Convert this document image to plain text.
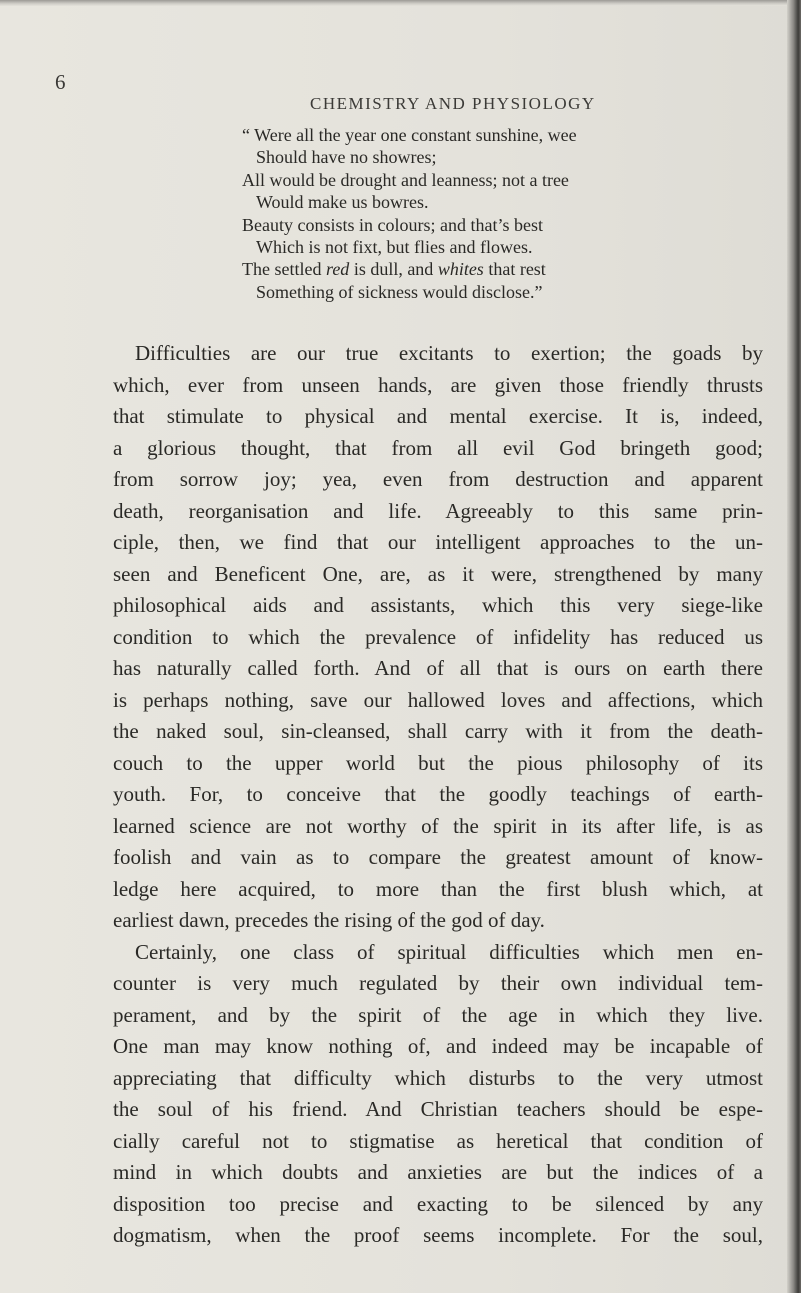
6
CHEMISTRY AND PHYSIOLOGY
“ Were all the year one constant sunshine, wee
Should have no showres;
All would be drought and leanness; not a tree
Would make us bowres.
Beauty consists in colours; and that’s best
Which is not fixt, but flies and flowes.
The settled red is dull, and whites that rest
Something of sickness would disclose.”
Difficulties are our true excitants to exertion; the goads by
which, ever from unseen hands, are given those friendly thrusts
that stimulate to physical and mental exercise. It is, indeed,
a glorious thought, that from all evil God bringeth good;
from sorrow joy; yea, even from destruction and apparent
death, reorganisation and life. Agreeably to this same prin-
ciple, then, we find that our intelligent approaches to the un-
seen and Beneficent One, are, as it were, strengthened by many
philosophical aids and assistants, which this very siege-like
condition to which the prevalence of infidelity has reduced us
has naturally called forth. And of all that is ours on earth there
is perhaps nothing, save our hallowed loves and affections, which
the naked soul, sin-cleansed, shall carry with it from the death-
couch to the upper world but the pious philosophy of its
youth. For, to conceive that the goodly teachings of earth-
learned science are not worthy of the spirit in its after life, is as
foolish and vain as to compare the greatest amount of know-
ledge here acquired, to more than the first blush which, at
earliest dawn, precedes the rising of the god of day.
Certainly, one class of spiritual difficulties which men en-
counter is very much regulated by their own individual tem-
perament, and by the spirit of the age in which they live.
One man may know nothing of, and indeed may be incapable of
appreciating that difficulty which disturbs to the very utmost
the soul of his friend. And Christian teachers should be espe-
cially careful not to stigmatise as heretical that condition of
mind in which doubts and anxieties are but the indices of a
disposition too precise and exacting to be silenced by any
dogmatism, when the proof seems incomplete. For the soul,
